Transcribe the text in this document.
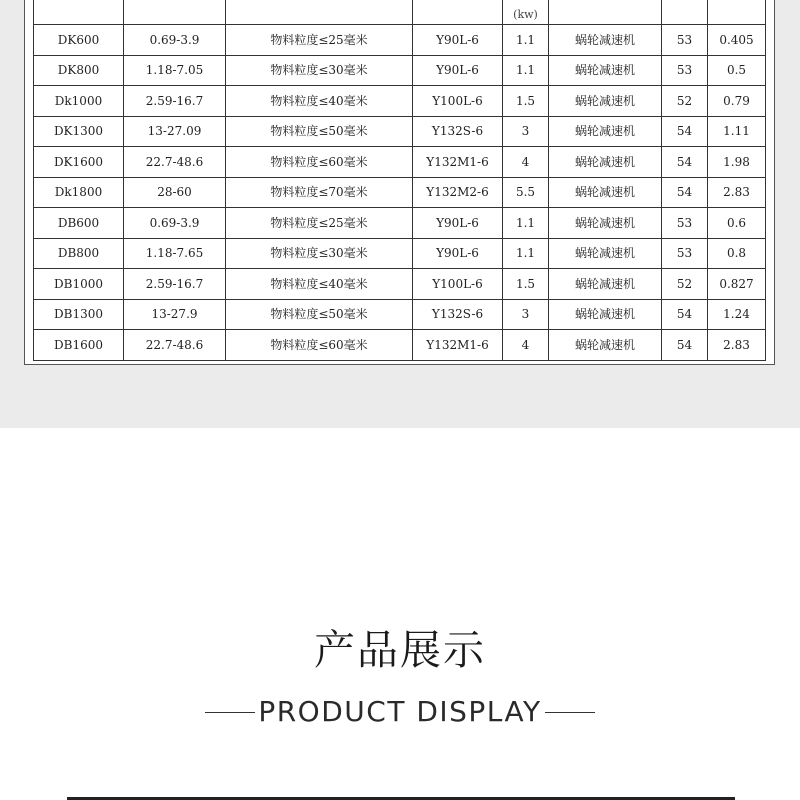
				(kw)			
DK600	0.69-3.9	物料粒度≤25毫米	Y90L-6	1.1	蜗轮减速机	53	0.405
DK800	1.18-7.05	物料粒度≤30毫米	Y90L-6	1.1	蜗轮减速机	53	0.5
Dk1000	2.59-16.7	物料粒度≤40毫米	Y100L-6	1.5	蜗轮减速机	52	0.79
DK1300	13-27.09	物料粒度≤50毫米	Y132S-6	3	蜗轮减速机	54	1.11
DK1600	22.7-48.6	物料粒度≤60毫米	Y132M1-6	4	蜗轮减速机	54	1.98
Dk1800	28-60	物料粒度≤70毫米	Y132M2-6	5.5	蜗轮减速机	54	2.83
DB600	0.69-3.9	物料粒度≤25毫米	Y90L-6	1.1	蜗轮减速机	53	0.6
DB800	1.18-7.65	物料粒度≤30毫米	Y90L-6	1.1	蜗轮减速机	53	0.8
DB1000	2.59-16.7	物料粒度≤40毫米	Y100L-6	1.5	蜗轮减速机	52	0.827
DB1300	13-27.9	物料粒度≤50毫米	Y132S-6	3	蜗轮减速机	54	1.24
DB1600	22.7-48.6	物料粒度≤60毫米	Y132M1-6	4	蜗轮减速机	54	2.83
产品展示
PRODUCT DISPLAY
